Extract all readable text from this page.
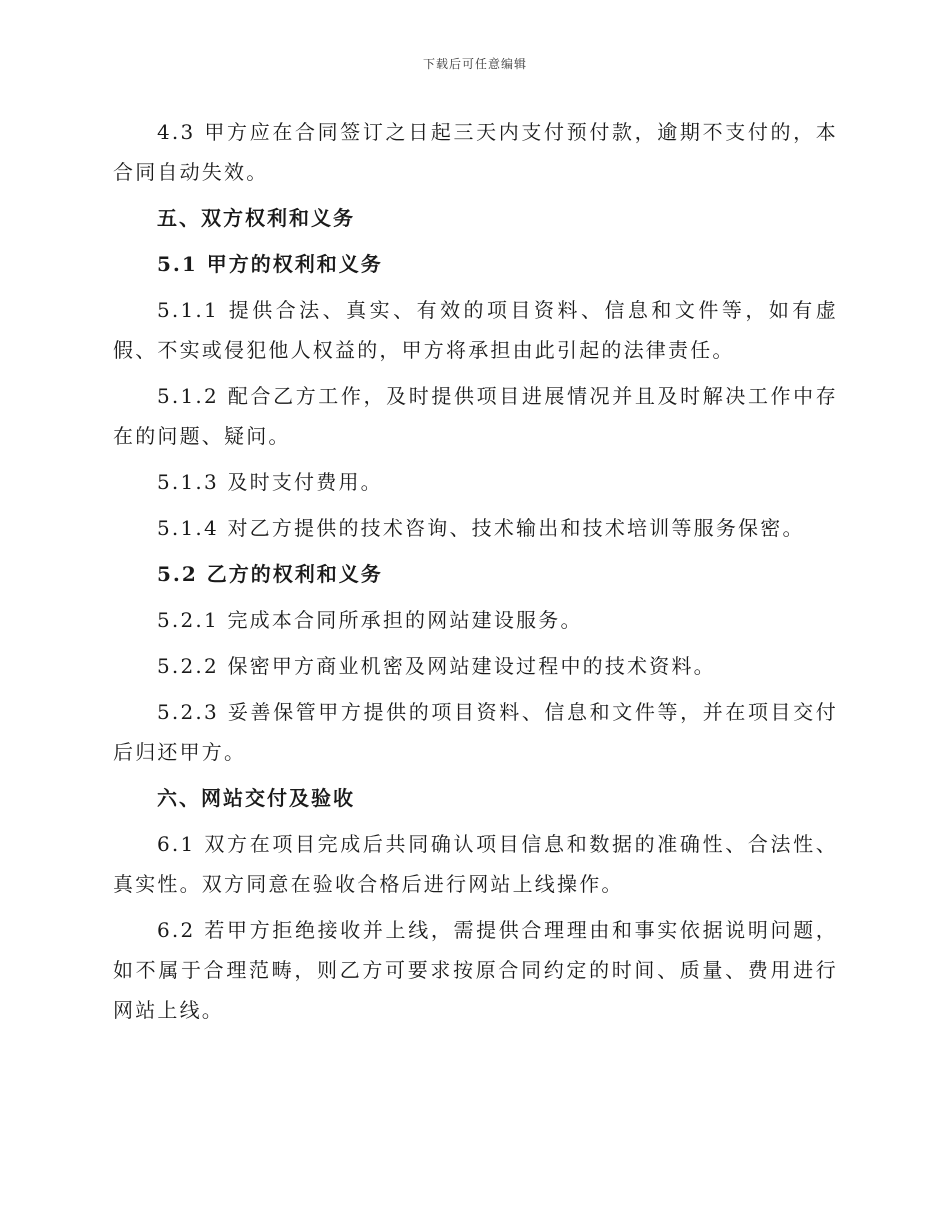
下载后可任意编辑

4.3 甲方应在合同签订之日起三天内支付预付款，逾期不支付的，本合同自动失效。

五、双方权利和义务

5.1 甲方的权利和义务

5.1.1 提供合法、真实、有效的项目资料、信息和文件等，如有虚假、不实或侵犯他人权益的，甲方将承担由此引起的法律责任。

5.1.2 配合乙方工作，及时提供项目进展情况并且及时解决工作中存在的问题、疑问。

5.1.3 及时支付费用。

5.1.4 对乙方提供的技术咨询、技术输出和技术培训等服务保密。

5.2 乙方的权利和义务

5.2.1 完成本合同所承担的网站建设服务。

5.2.2 保密甲方商业机密及网站建设过程中的技术资料。

5.2.3 妥善保管甲方提供的项目资料、信息和文件等，并在项目交付后归还甲方。

六、网站交付及验收

6.1 双方在项目完成后共同确认项目信息和数据的准确性、合法性、真实性。双方同意在验收合格后进行网站上线操作。

6.2 若甲方拒绝接收并上线，需提供合理理由和事实依据说明问题，如不属于合理范畴，则乙方可要求按原合同约定的时间、质量、费用进行网站上线。
